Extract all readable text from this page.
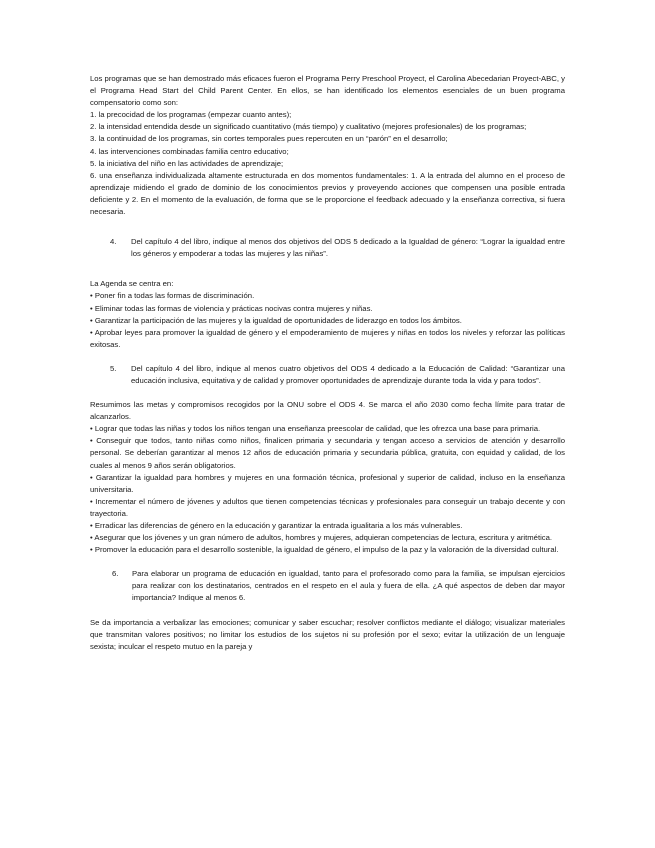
Los programas que se han demostrado más eficaces fueron el Programa Perry Preschool Proyect, el Carolina Abecedarian Proyect-ABC, y el Programa Head Start del Child Parent Center. En ellos, se han identificado los elementos esenciales de un buen programa compensatorio como son:

1. la precocidad de los programas (empezar cuanto antes);

2. la intensidad entendida desde un significado cuantitativo (más tiempo) y cualitativo (mejores profesionales) de los programas;

3. la continuidad de los programas, sin cortes temporales pues repercuten en un “parón” en el desarrollo;

4. las intervenciones combinadas familia centro educativo;

5. la iniciativa del niño en las actividades de aprendizaje;

6. una enseñanza individualizada altamente estructurada en dos momentos fundamentales: 1. A la entrada del alumno en el proceso de aprendizaje midiendo el grado de dominio de los conocimientos previos y proveyendo acciones que compensen una posible entrada deficiente y 2. En el momento de la evaluación, de forma que se le proporcione el feedback adecuado y la enseñanza correctiva, si fuera necesaria.

4.	Del capítulo 4 del libro, indique al menos dos objetivos del ODS 5 dedicado a la Igualdad de género: “Lograr la igualdad entre los géneros y empoderar a todas las mujeres y las niñas”.

La Agenda se centra en:

• Poner fin a todas las formas de discriminación.

• Eliminar todas las formas de violencia y prácticas nocivas contra mujeres y niñas.

• Garantizar la participación de las mujeres y la igualdad de oportunidades de liderazgo en todos los ámbitos.

• Aprobar leyes para promover la igualdad de género y el empoderamiento de mujeres y niñas en todos los niveles y reforzar las políticas exitosas.

5.	Del capítulo 4 del libro, indique al menos cuatro objetivos del ODS 4 dedicado a la Educación de Calidad: “Garantizar una educación inclusiva, equitativa y de calidad y promover oportunidades de aprendizaje durante toda la vida y para todos”.

Resumimos las metas y compromisos recogidos por la ONU sobre el ODS 4. Se marca el año 2030 como fecha límite para tratar de alcanzarlos.

• Lograr que todas las niñas y todos los niños tengan una enseñanza preescolar de calidad, que les ofrezca una base para primaria.

• Conseguir que todos, tanto niñas como niños, finalicen primaria y secundaria y tengan acceso a servicios de atención y desarrollo personal. Se deberían garantizar al menos 12 años de educación primaria y secundaria pública, gratuita, con equidad y calidad, de los cuales al menos 9 años serán obligatorios.

• Garantizar la igualdad para hombres y mujeres en una formación técnica, profesional y superior de calidad, incluso en la enseñanza universitaria.

• Incrementar el número de jóvenes y adultos que tienen competencias técnicas y profesionales para conseguir un trabajo decente y con trayectoria.

• Erradicar las diferencias de género en la educación y garantizar la entrada igualitaria a los más vulnerables.

• Asegurar que los jóvenes y un gran número de adultos, hombres y mujeres, adquieran competencias de lectura, escritura y aritmética.

• Promover la educación para el desarrollo sostenible, la igualdad de género, el impulso de la paz y la valoración de la diversidad cultural.

6.	Para elaborar un programa de educación en igualdad, tanto para el profesorado como para la familia, se impulsan ejercicios para realizar con los destinatarios, centrados en el respeto en el aula y fuera de ella. ¿A qué aspectos de deben dar mayor importancia? Indique al menos 6.

Se da importancia a verbalizar las emociones; comunicar y saber escuchar; resolver conflictos mediante el diálogo; visualizar materiales que transmitan valores positivos; no limitar los estudios de los sujetos ni su profesión por el sexo; evitar la utilización de un lenguaje sexista; inculcar el respeto mutuo en la pareja y
